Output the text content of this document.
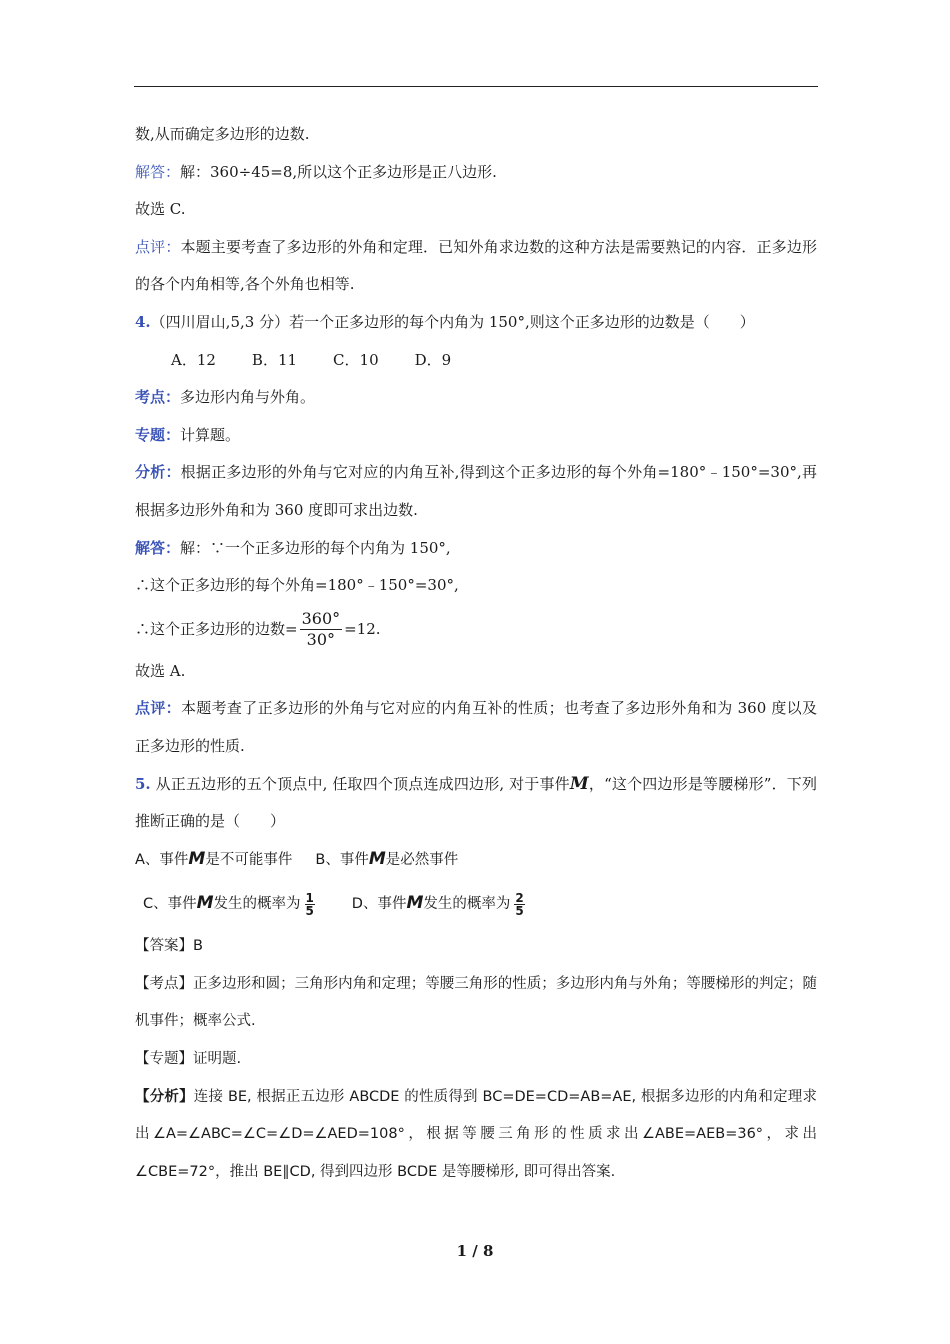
数,从而确定多边形的边数.
解答：解：360÷45=8,所以这个正多边形是正八边形.
故选 C.
点评：本题主要考查了多边形的外角和定理．已知外角求边数的这种方法是需要熟记的内容．正多边形的各个内角相等,各个外角也相等.
4.（四川眉山,5,3 分）若一个正多边形的每个内角为 150°,则这个正多边形的边数是（　　）
A．12 B．11 C．10 D．9
考点：多边形内角与外角。
专题：计算题。
分析：根据正多边形的外角与它对应的内角互补,得到这个正多边形的每个外角=180°﹣150°=30°,再根据多边形外角和为 360 度即可求出边数.
解答：解：∵一个正多边形的每个内角为 150°,
∴这个正多边形的每个外角=180°﹣150°=30°,
∴这个正多边形的边数= $\frac{360^\circ}{30^\circ} =12$.
故选 A.
点评：本题考查了正多边形的外角与它对应的内角互补的性质；也考查了多边形外角和为 360 度以及正多边形的性质.
5. 从正五边形的五个顶点中, 任取四个顶点连成四边形, 对于事件M，“这个四边形是等腰梯形”．下列推断正确的是（　　）
A、事件M是不可能事件 B、事件M是必然事件
C、事件M发生的概率为 $\frac{1}{5}$	D、事件M发生的概率为 $\frac{2}{5}$
【答案】B
【考点】正多边形和圆；三角形内角和定理；等腰三角形的性质；多边形内角与外角；等腰梯形的判定；随机事件；概率公式.
【专题】证明题.
【分析】连接 BE, 根据正五边形 ABCDE 的性质得到 BC=DE=CD=AB=AE, 根据多边形的内角和定理求出∠A=∠ABC=∠C=∠D=∠AED=108°，根据等腰三角形的性质求出∠ABE=AEB=36°，求出∠CBE=72°，推出 BE∥CD, 得到四边形 BCDE 是等腰梯形, 即可得出答案.
1 / 8
